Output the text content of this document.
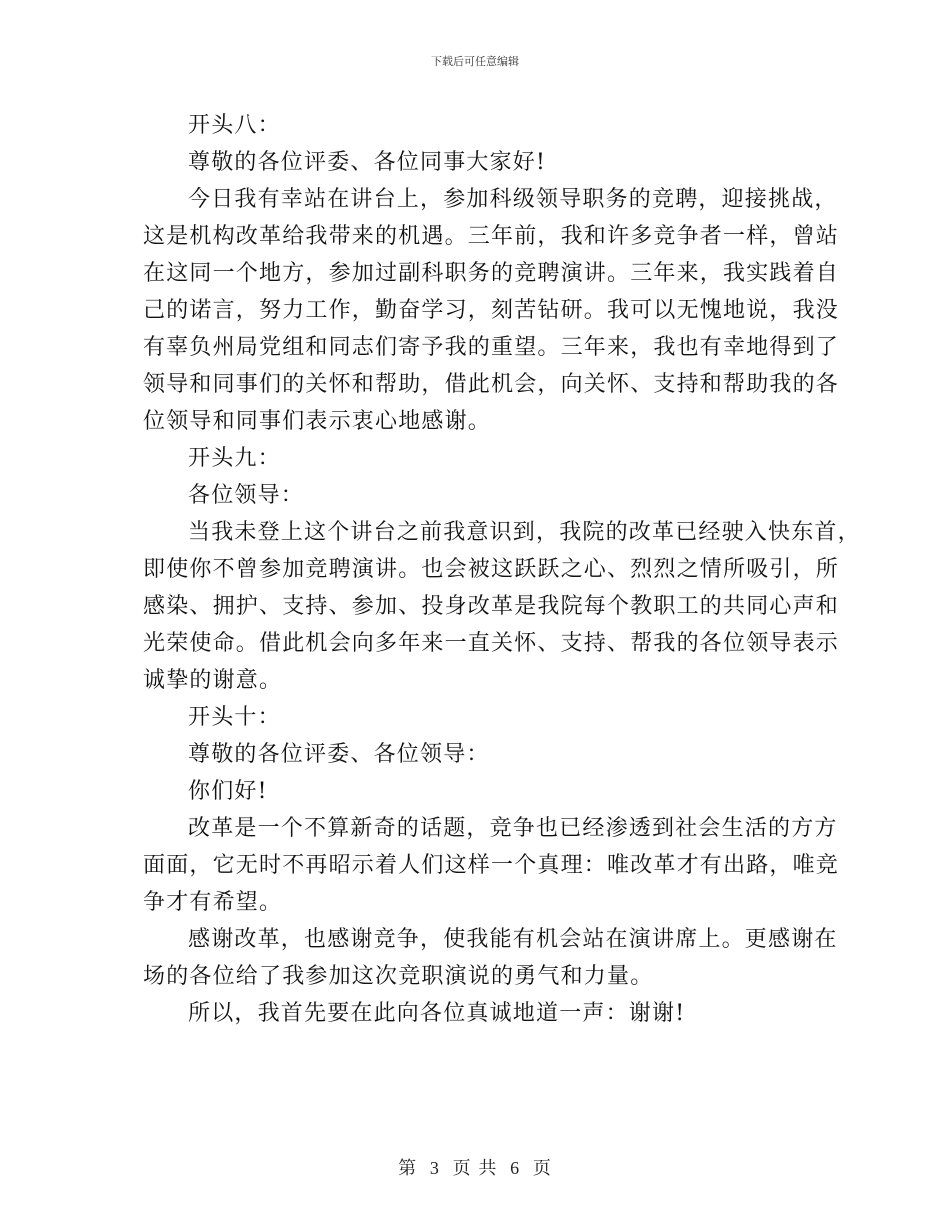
下载后可任意编辑
开头八：
尊敬的各位评委、各位同事大家好!
今日我有幸站在讲台上，参加科级领导职务的竞聘，迎接挑战，
这是机构改革给我带来的机遇。三年前，我和许多竞争者一样，曾站
在这同一个地方，参加过副科职务的竞聘演讲。三年来，我实践着自
己的诺言，努力工作，勤奋学习，刻苦钻研。我可以无愧地说，我没
有辜负州局党组和同志们寄予我的重望。三年来，我也有幸地得到了
领导和同事们的关怀和帮助，借此机会，向关怀、支持和帮助我的各
位领导和同事们表示衷心地感谢。
开头九：
各位领导：
当我未登上这个讲台之前我意识到，我院的改革已经驶入快东首，
即使你不曾参加竞聘演讲。也会被这跃跃之心、烈烈之情所吸引，所
感染、拥护、支持、参加、投身改革是我院每个教职工的共同心声和
光荣使命。借此机会向多年来一直关怀、支持、帮我的各位领导表示
诚挚的谢意。
开头十：
尊敬的各位评委、各位领导：
你们好!
改革是一个不算新奇的话题，竞争也已经渗透到社会生活的方方
面面，它无时不再昭示着人们这样一个真理：唯改革才有出路，唯竞
争才有希望。
感谢改革，也感谢竞争，使我能有机会站在演讲席上。更感谢在
场的各位给了我参加这次竞职演说的勇气和力量。
所以，我首先要在此向各位真诚地道一声：谢谢!
第 3 页 共 6 页
